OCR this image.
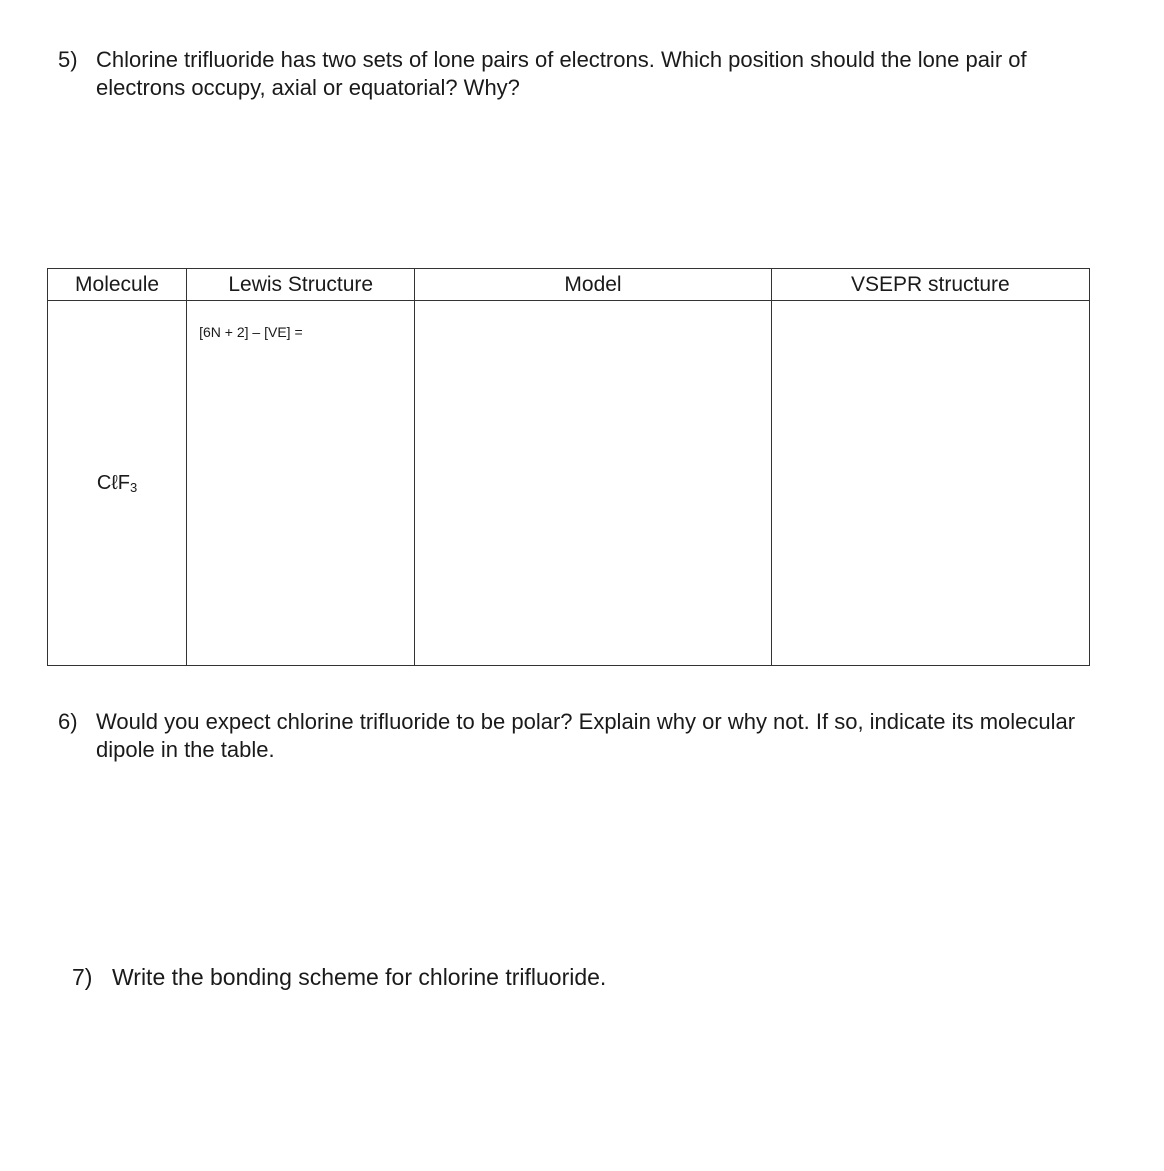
5) Chlorine trifluoride has two sets of lone pairs of electrons. Which position should the lone pair of electrons occupy, axial or equatorial? Why?
Molecule	Lewis Structure	Model	VSEPR structure
CℓF3	[6N + 2] – [VE] =		

6) Would you expect chlorine trifluoride to be polar? Explain why or why not. If so, indicate its molecular dipole in the table.
7) Write the bonding scheme for chlorine trifluoride.
